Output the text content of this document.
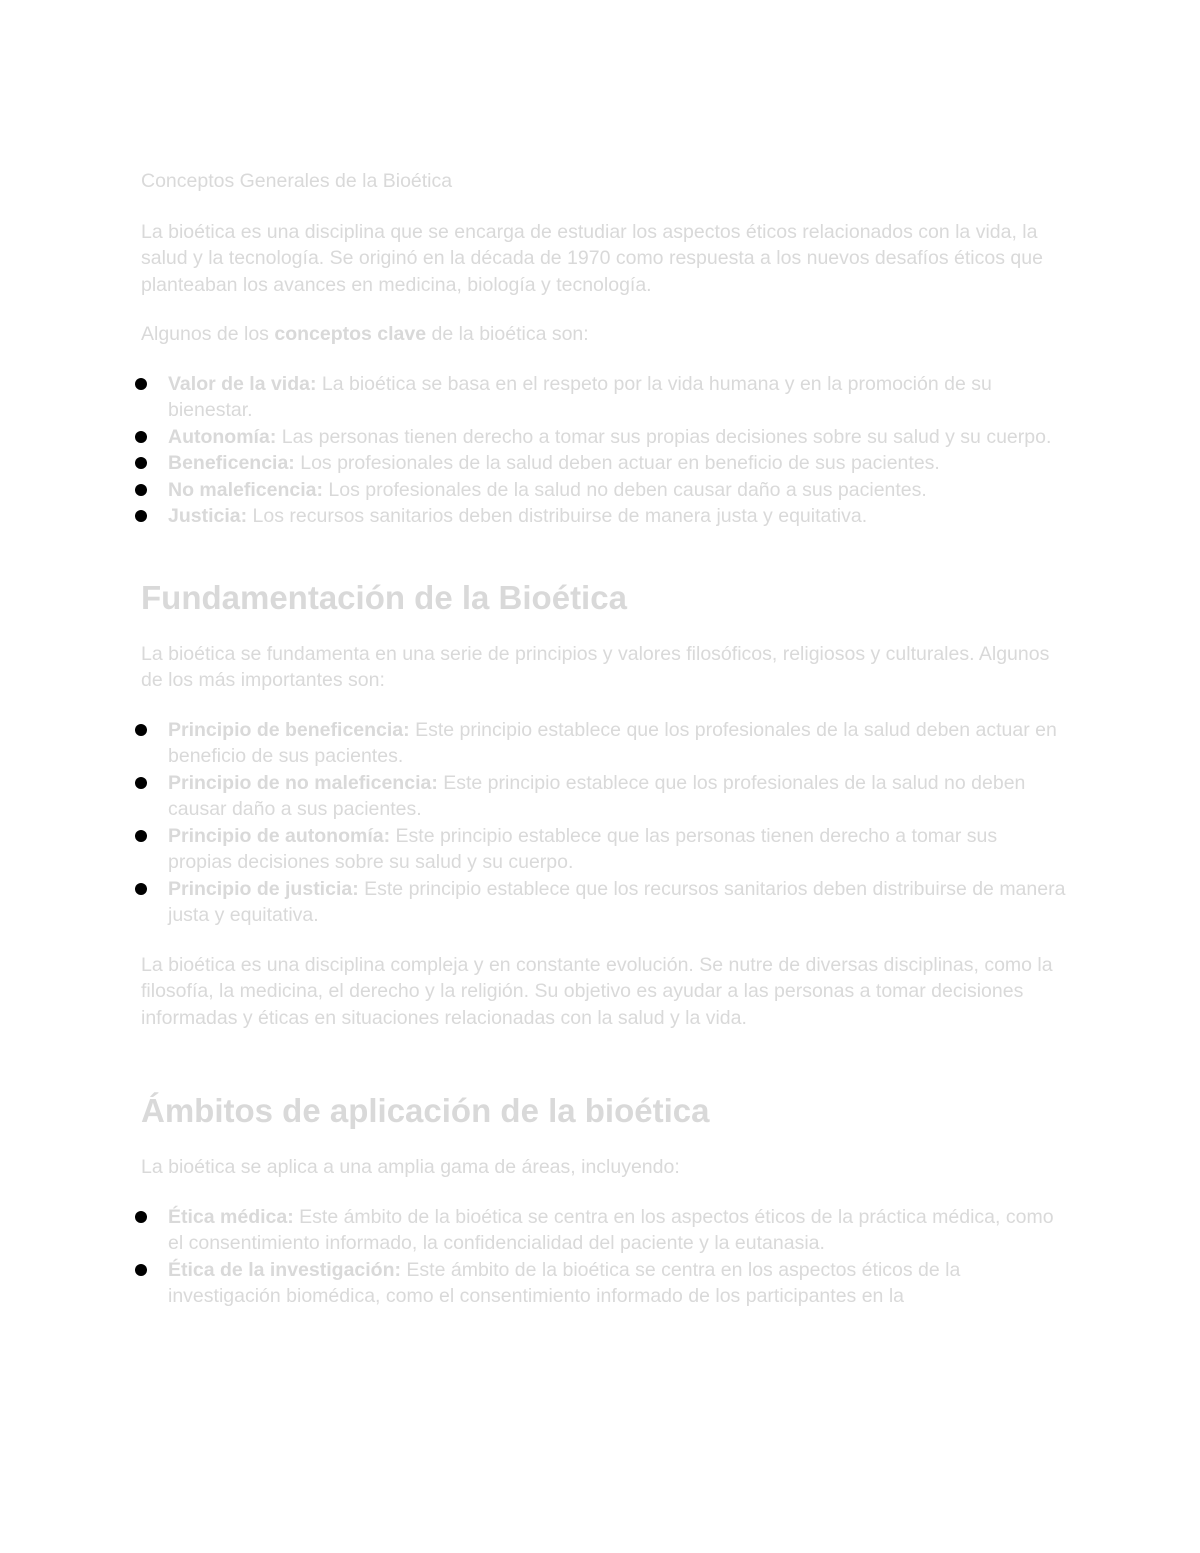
Conceptos Generales de la Bioética

La bioética es una disciplina que se encarga de estudiar los aspectos éticos relacionados con la vida, la salud y la tecnología. Se originó en la década de 1970 como respuesta a los nuevos desafíos éticos que planteaban los avances en medicina, biología y tecnología.

Algunos de los conceptos clave de la bioética son:

Valor de la vida: La bioética se basa en el respeto por la vida humana y en la promoción de su bienestar.
Autonomía: Las personas tienen derecho a tomar sus propias decisiones sobre su salud y su cuerpo.
Beneficencia: Los profesionales de la salud deben actuar en beneficio de sus pacientes.
No maleficencia: Los profesionales de la salud no deben causar daño a sus pacientes.
Justicia: Los recursos sanitarios deben distribuirse de manera justa y equitativa.
Fundamentación de la Bioética

La bioética se fundamenta en una serie de principios y valores filosóficos, religiosos y culturales. Algunos de los más importantes son:

Principio de beneficencia: Este principio establece que los profesionales de la salud deben actuar en beneficio de sus pacientes.
Principio de no maleficencia: Este principio establece que los profesionales de la salud no deben causar daño a sus pacientes.
Principio de autonomía: Este principio establece que las personas tienen derecho a tomar sus propias decisiones sobre su salud y su cuerpo.
Principio de justicia: Este principio establece que los recursos sanitarios deben distribuirse de manera justa y equitativa.

La bioética es una disciplina compleja y en constante evolución. Se nutre de diversas disciplinas, como la filosofía, la medicina, el derecho y la religión. Su objetivo es ayudar a las personas a tomar decisiones informadas y éticas en situaciones relacionadas con la salud y la vida.

Ámbitos de aplicación de la bioética

La bioética se aplica a una amplia gama de áreas, incluyendo:

Ética médica: Este ámbito de la bioética se centra en los aspectos éticos de la práctica médica, como el consentimiento informado, la confidencialidad del paciente y la eutanasia.
Ética de la investigación: Este ámbito de la bioética se centra en los aspectos éticos de la investigación biomédica, como el consentimiento informado de los participantes en la
